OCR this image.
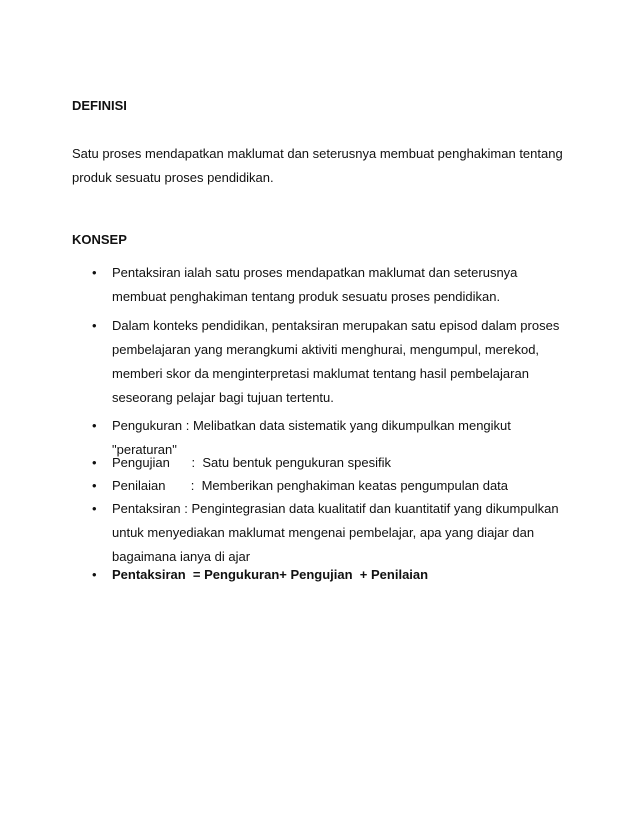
DEFINISI
Satu proses mendapatkan maklumat dan seterusnya membuat penghakiman tentang produk sesuatu proses pendidikan.
KONSEP
•	Pentaksiran ialah satu proses mendapatkan maklumat dan seterusnya membuat penghakiman tentang produk sesuatu proses pendidikan.
•	Dalam konteks pendidikan, pentaksiran merupakan satu episod dalam proses pembelajaran yang merangkumi aktiviti menghurai, mengumpul, merekod, memberi skor da menginterpretasi maklumat tentang hasil pembelajaran seseorang pelajar bagi tujuan tertentu.
•	Pengukuran : Melibatkan data sistematik yang dikumpulkan mengikut "peraturan"
•	Pengujian      :  Satu bentuk pengukuran spesifik
•	Penilaian       :  Memberikan penghakiman keatas pengumpulan data
•	Pentaksiran : Pengintegrasian data kualitatif dan kuantitatif yang dikumpulkan untuk menyediakan maklumat mengenai pembelajar, apa yang diajar dan bagaimana ianya di ajar
•	Pentaksiran  = Pengukuran+ Pengujian  + Penilaian
